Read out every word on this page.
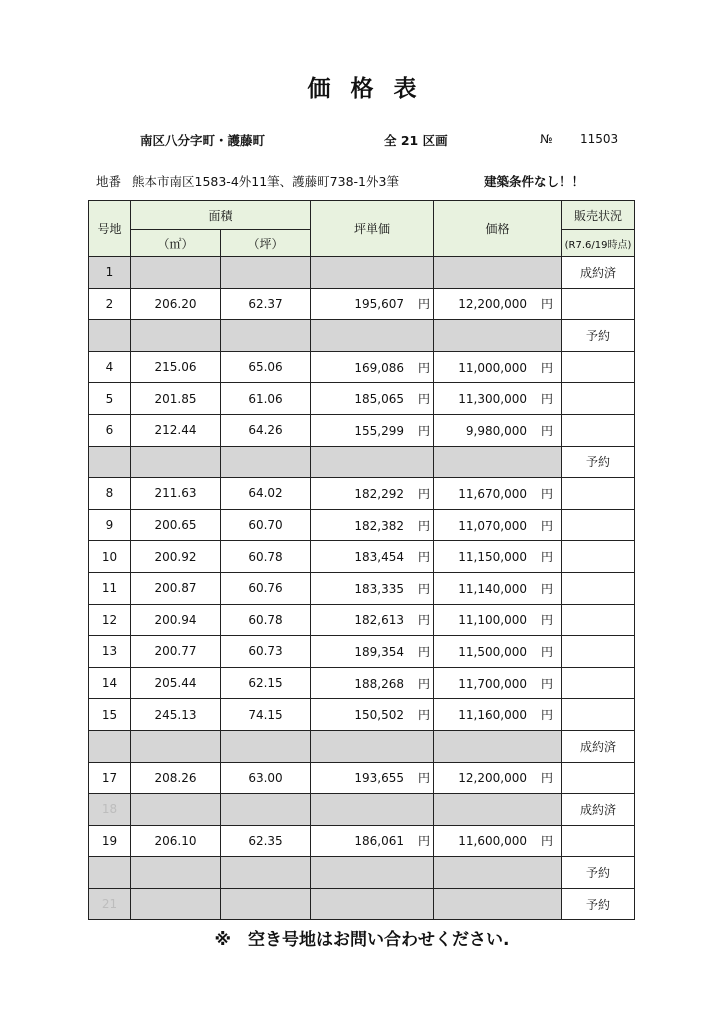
価 格 表
南区八分字町・護藤町	全 21 区画	№ 11503
地番 熊本市南区1583-4外11筆、護藤町738-1外3筆	建築条件なし！！
号地	面積		坪単価	価格	販売状況
	（㎡）	（坪）			(R7.6/19時点)
1					成約済
2	206.20	62.37	195,607 円	12,200,000 円	
					予約
4	215.06	65.06	169,086 円	11,000,000 円	
5	201.85	61.06	185,065 円	11,300,000 円	
6	212.44	64.26	155,299 円	9,980,000 円	
					予約
8	211.63	64.02	182,292 円	11,670,000 円	
9	200.65	60.70	182,382 円	11,070,000 円	
10	200.92	60.78	183,454 円	11,150,000 円	
11	200.87	60.76	183,335 円	11,140,000 円	
12	200.94	60.78	182,613 円	11,100,000 円	
13	200.77	60.73	189,354 円	11,500,000 円	
14	205.44	62.15	188,268 円	11,700,000 円	
15	245.13	74.15	150,502 円	11,160,000 円	
					成約済
17	208.26	63.00	193,655 円	12,200,000 円	
18					成約済
19	206.10	62.35	186,061 円	11,600,000 円	
					予約
21					予約
※　空き号地はお問い合わせください.
